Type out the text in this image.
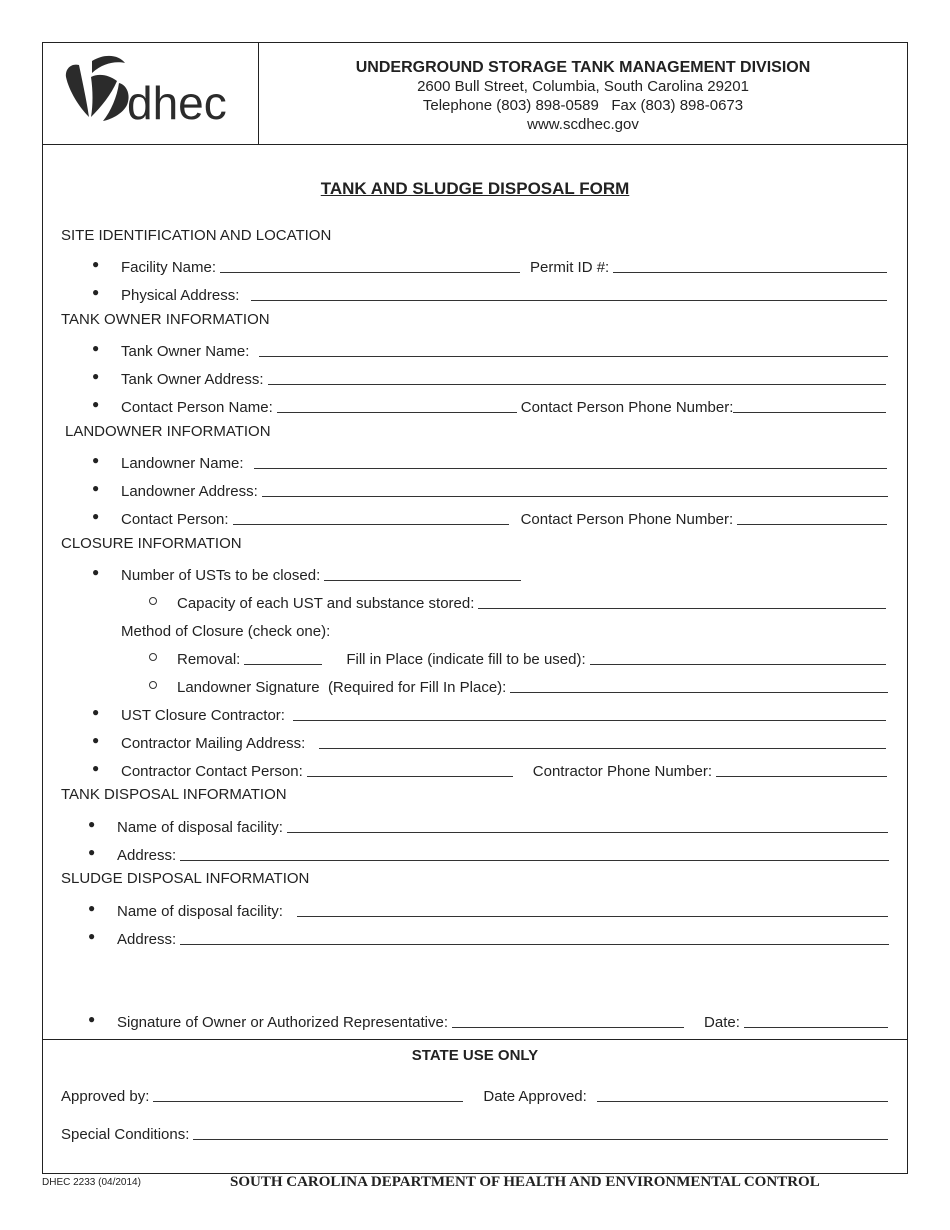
dhec
UNDERGROUND STORAGE TANK MANAGEMENT DIVISION
2600 Bull Street, Columbia, South Carolina 29201
Telephone (803) 898-0589   Fax (803) 898-0673
www.scdhec.gov
TANK AND SLUDGE DISPOSAL FORM
SITE IDENTIFICATION AND LOCATION
● Facility Name:	Permit ID #:
● Physical Address:
TANK OWNER INFORMATION
● Tank Owner Name:
● Tank Owner Address:
● Contact Person Name:	Contact Person Phone Number:
LANDOWNER INFORMATION
● Landowner Name:
● Landowner Address:
● Contact Person:	Contact Person Phone Number:
CLOSURE INFORMATION
● Number of USTs to be closed:
Capacity of each UST and substance stored:
Method of Closure (check one):
Removal:	Fill in Place (indicate fill to be used):
Landowner Signature  (Required for Fill In Place):
● UST Closure Contractor:
● Contractor Mailing Address:
● Contractor Contact Person:	Contractor Phone Number:
TANK DISPOSAL INFORMATION
● Name of disposal facility:
● Address:
SLUDGE DISPOSAL INFORMATION
● Name of disposal facility:
● Address:
● Signature of Owner or Authorized Representative:	Date:
STATE USE ONLY
Approved by:	Date Approved:
Special Conditions:
DHEC 2233 (04/2014)	SOUTH CAROLINA DEPARTMENT OF HEALTH AND ENVIRONMENTAL CONTROL
